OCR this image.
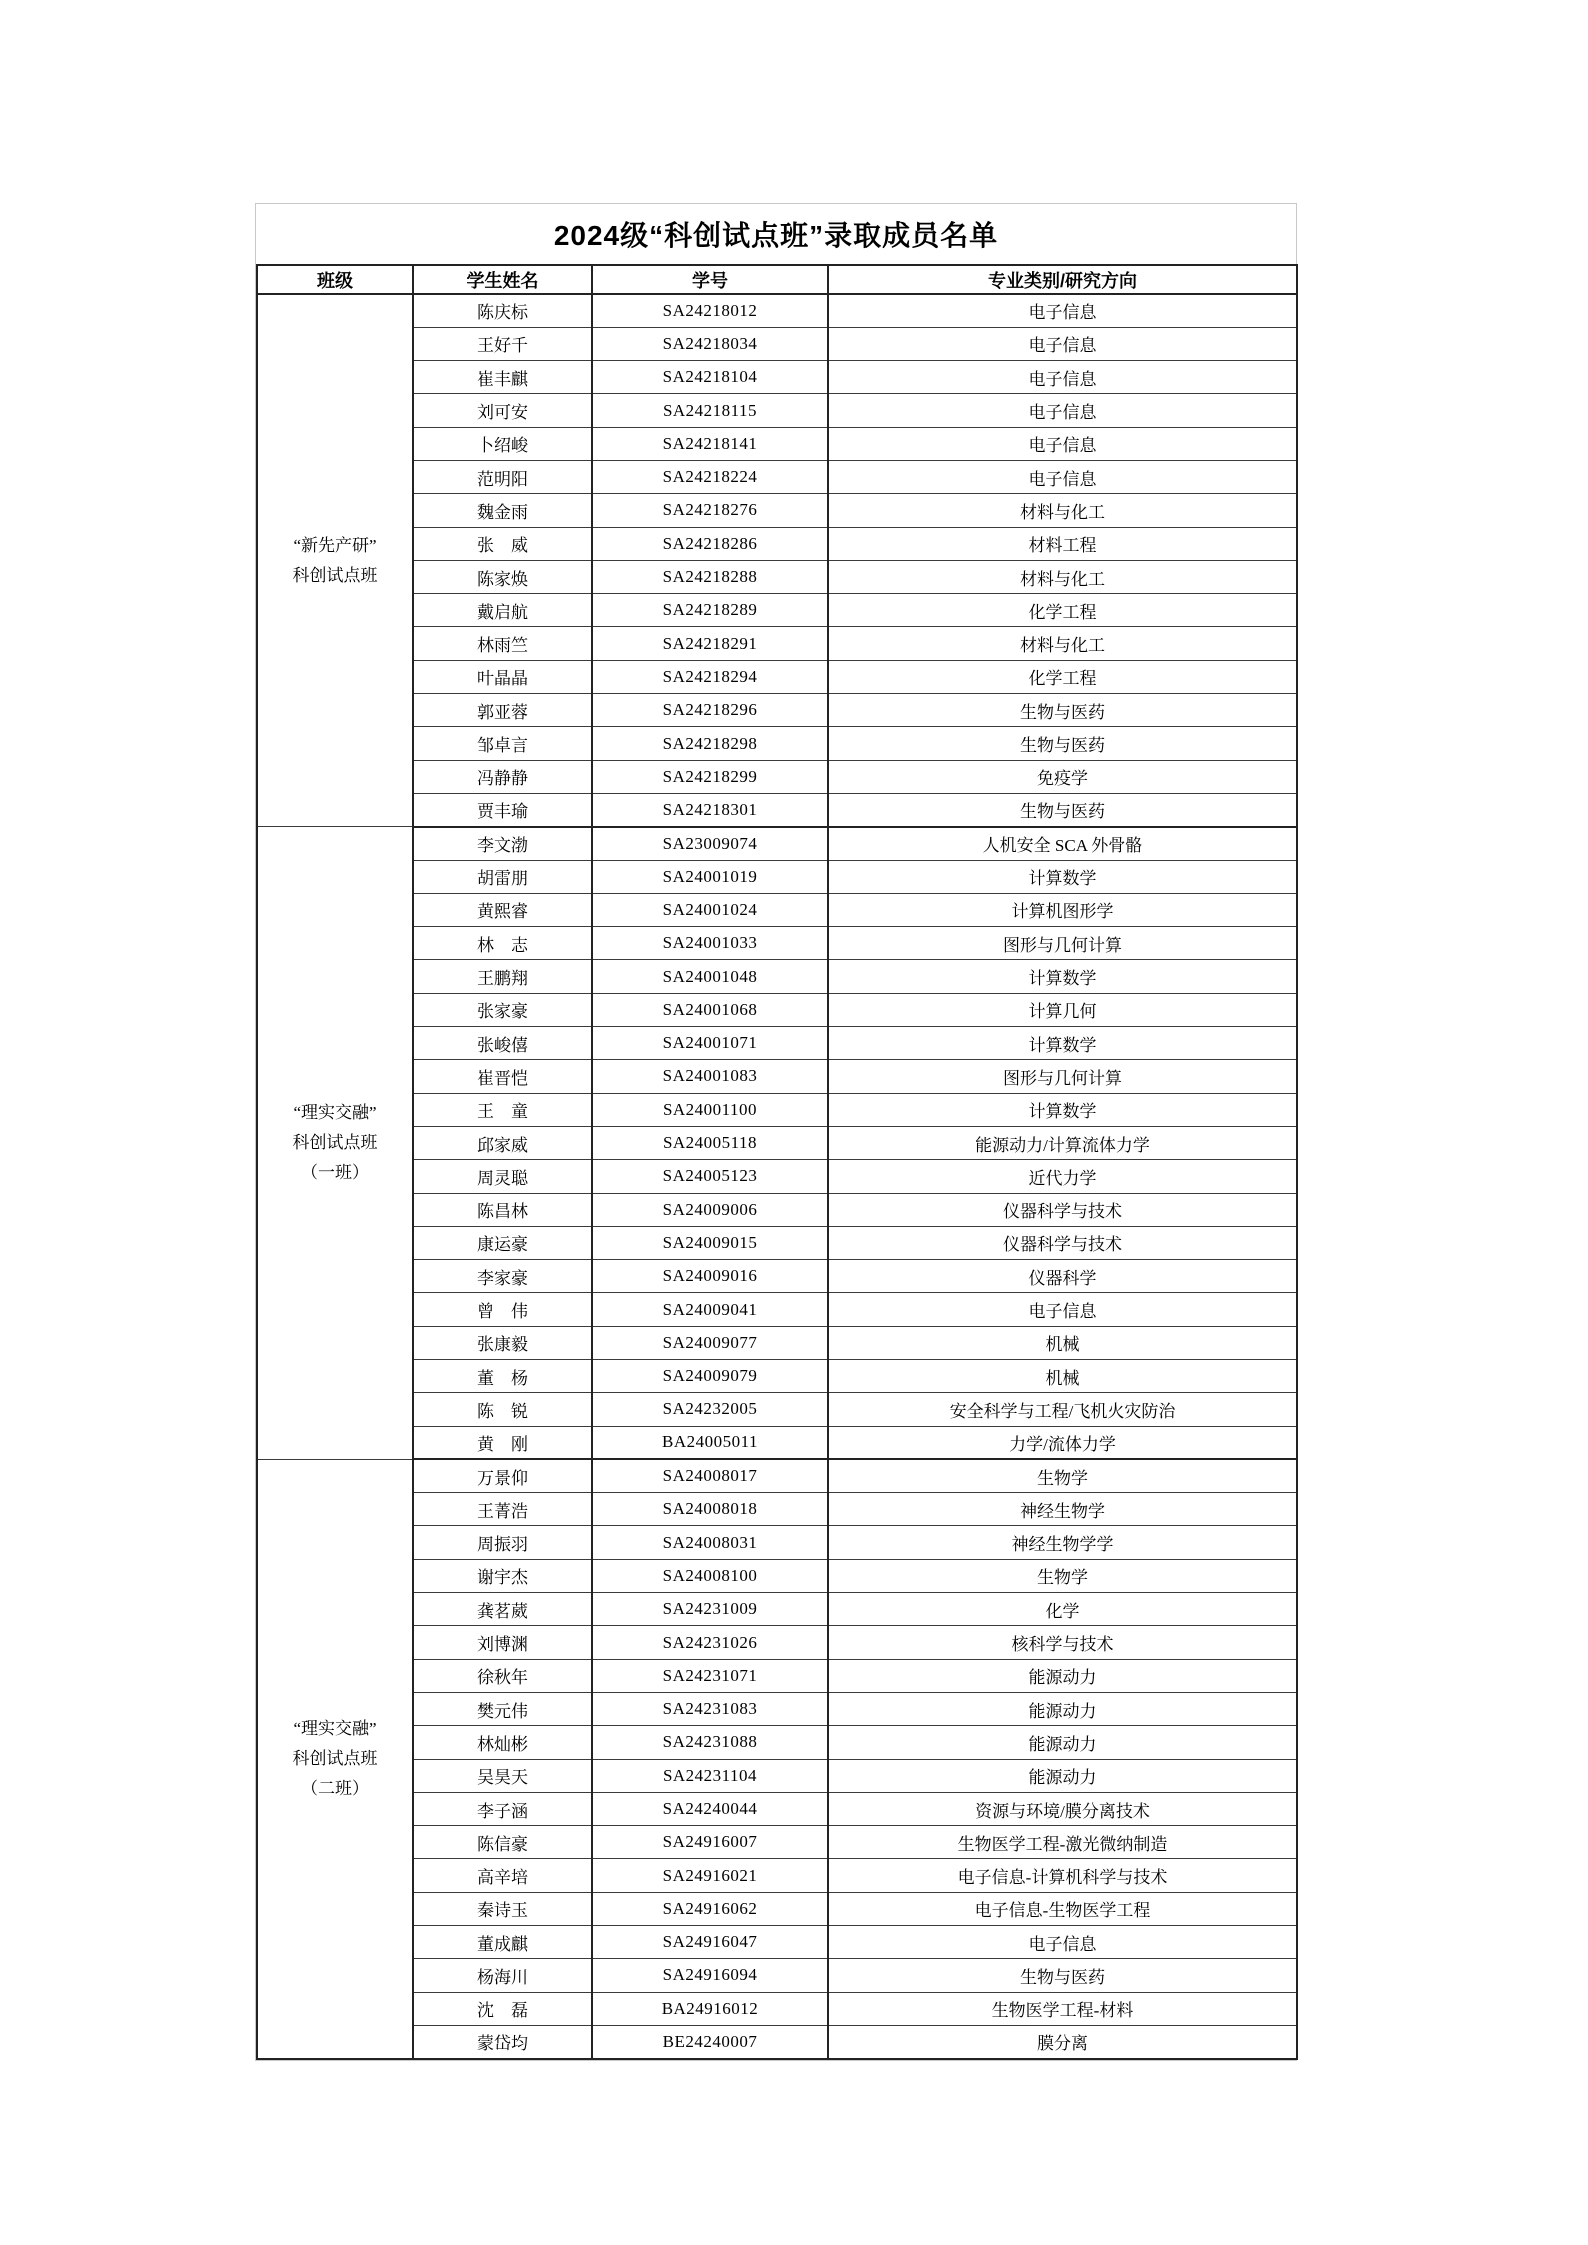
2024级“科创试点班”录取成员名单
班级	学生姓名	学号	专业类别/研究方向

“新先产研”
科创试点班	陈庆标	SA24218012	电子信息
	王好千	SA24218034	电子信息
	崔丰麒	SA24218104	电子信息
	刘可安	SA24218115	电子信息
	卜绍峻	SA24218141	电子信息
	范明阳	SA24218224	电子信息
	魏金雨	SA24218276	材料与化工
	张　威	SA24218286	材料工程
	陈家焕	SA24218288	材料与化工
	戴启航	SA24218289	化学工程
	林雨竺	SA24218291	材料与化工
	叶晶晶	SA24218294	化学工程
	郭亚蓉	SA24218296	生物与医药
	邹卓言	SA24218298	生物与医药
	冯静静	SA24218299	免疫学
	贾丰瑜	SA24218301	生物与医药

“理实交融”
科创试点班
（一班）	李文渤	SA23009074	人机安全 SCA 外骨骼
	胡雷朋	SA24001019	计算数学
	黄熙睿	SA24001024	计算机图形学
	林　志	SA24001033	图形与几何计算
	王鹏翔	SA24001048	计算数学
	张家豪	SA24001068	计算几何
	张峻僖	SA24001071	计算数学
	崔晋恺	SA24001083	图形与几何计算
	王　童	SA24001100	计算数学
	邱家威	SA24005118	能源动力/计算流体力学
	周灵聪	SA24005123	近代力学
	陈昌林	SA24009006	仪器科学与技术
	康运豪	SA24009015	仪器科学与技术
	李家豪	SA24009016	仪器科学
	曾　伟	SA24009041	电子信息
	张康毅	SA24009077	机械
	董　杨	SA24009079	机械
	陈　锐	SA24232005	安全科学与工程/飞机火灾防治
	黄　刚	BA24005011	力学/流体力学

“理实交融”
科创试点班
（二班）	万景仰	SA24008017	生物学
	王菁浩	SA24008018	神经生物学
	周振羽	SA24008031	神经生物学学
	谢宇杰	SA24008100	生物学
	龚茗葳	SA24231009	化学
	刘博渊	SA24231026	核科学与技术
	徐秋年	SA24231071	能源动力
	樊元伟	SA24231083	能源动力
	林灿彬	SA24231088	能源动力
	吴昊天	SA24231104	能源动力
	李子涵	SA24240044	资源与环境/膜分离技术
	陈信豪	SA24916007	生物医学工程-激光微纳制造
	高辛培	SA24916021	电子信息-计算机科学与技术
	秦诗玉	SA24916062	电子信息-生物医学工程
	董成麒	SA24916047	电子信息
	杨海川	SA24916094	生物与医药
	沈　磊	BA24916012	生物医学工程-材料
	蒙岱均	BE24240007	膜分离
